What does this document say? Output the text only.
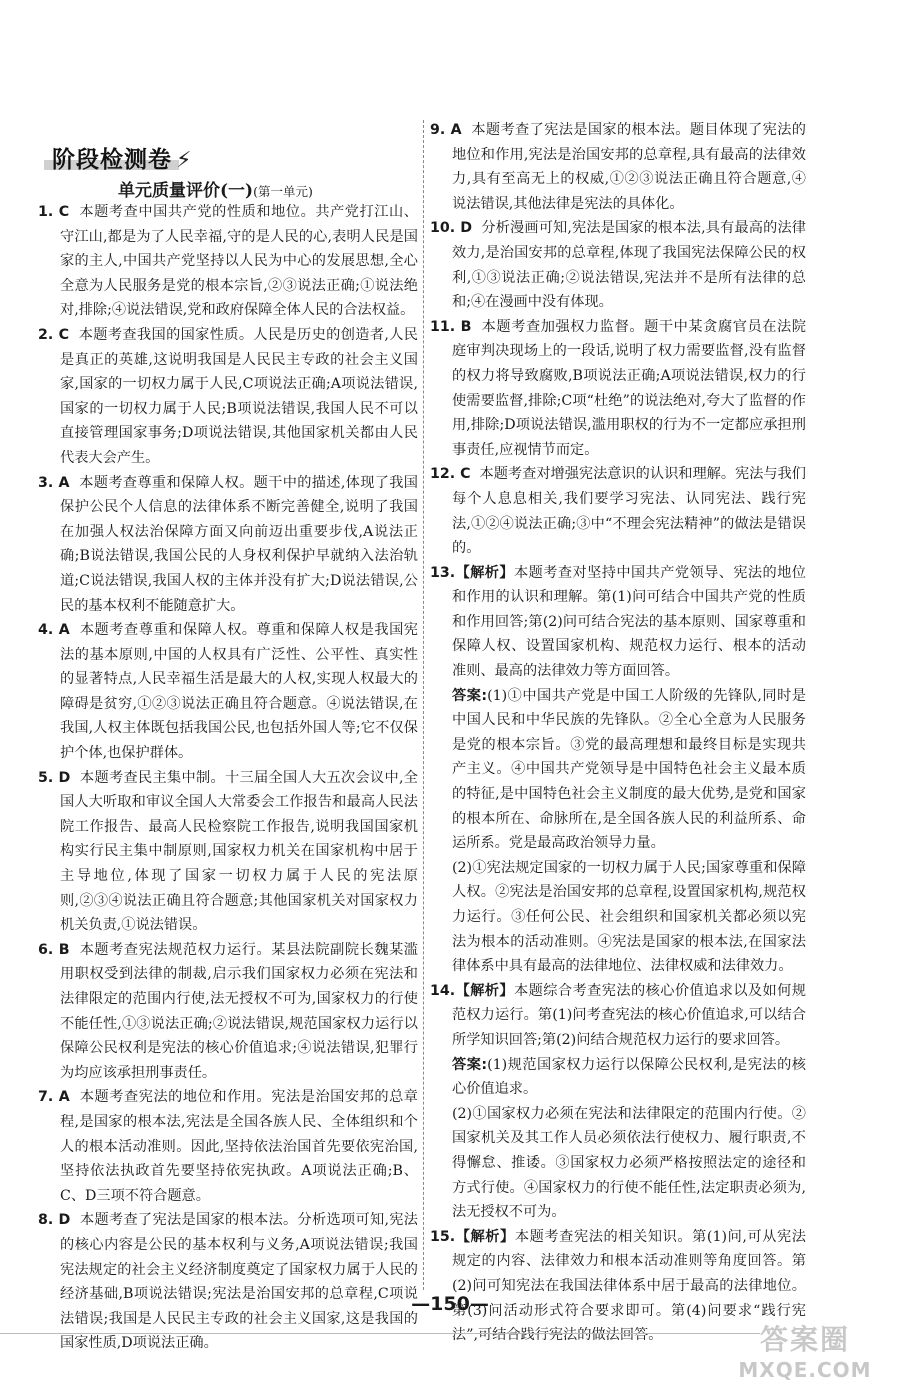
阶段检测卷 ⚡
单元质量评价(一)(第一单元)
1. C 本题考查中国共产党的性质和地位。共产党打江山、守江山,都是为了人民幸福,守的是人民的心,表明人民是国家的主人,中国共产党坚持以人民为中心的发展思想,全心全意为人民服务是党的根本宗旨,②③说法正确;①说法绝对,排除;④说法错误,党和政府保障全体人民的合法权益。
2. C 本题考查我国的国家性质。人民是历史的创造者,人民是真正的英雄,这说明我国是人民民主专政的社会主义国家,国家的一切权力属于人民,C项说法正确;A项说法错误,国家的一切权力属于人民;B项说法错误,我国人民不可以直接管理国家事务;D项说法错误,其他国家机关都由人民代表大会产生。
3. A 本题考查尊重和保障人权。题干中的描述,体现了我国保护公民个人信息的法律体系不断完善健全,说明了我国在加强人权法治保障方面又向前迈出重要步伐,A说法正确;B说法错误,我国公民的人身权利保护早就纳入法治轨道;C说法错误,我国人权的主体并没有扩大;D说法错误,公民的基本权利不能随意扩大。
4. A 本题考查尊重和保障人权。尊重和保障人权是我国宪法的基本原则,中国的人权具有广泛性、公平性、真实性的显著特点,人民幸福生活是最大的人权,实现人权最大的障碍是贫穷,①②③说法正确且符合题意。④说法错误,在我国,人权主体既包括我国公民,也包括外国人等;它不仅保护个体,也保护群体。
5. D 本题考查民主集中制。十三届全国人大五次会议中,全国人大听取和审议全国人大常委会工作报告和最高人民法院工作报告、最高人民检察院工作报告,说明我国国家机构实行民主集中制原则,国家权力机关在国家机构中居于主导地位,体现了国家一切权力属于人民的宪法原则,②③④说法正确且符合题意;其他国家机关对国家权力机关负责,①说法错误。
6. B 本题考查宪法规范权力运行。某县法院副院长魏某滥用职权受到法律的制裁,启示我们国家权力必须在宪法和法律限定的范围内行使,法无授权不可为,国家权力的行使不能任性,①③说法正确;②说法错误,规范国家权力运行以保障公民权利是宪法的核心价值追求;④说法错误,犯罪行为均应该承担刑事责任。
7. A 本题考查宪法的地位和作用。宪法是治国安邦的总章程,是国家的根本法,宪法是全国各族人民、全体组织和个人的根本活动准则。因此,坚持依法治国首先要依宪治国,坚持依法执政首先要坚持依宪执政。A项说法正确;B、C、D三项不符合题意。
8. D 本题考查了宪法是国家的根本法。分析选项可知,宪法的核心内容是公民的基本权利与义务,A项说法错误;我国宪法规定的社会主义经济制度奠定了国家权力属于人民的经济基础,B项说法错误;宪法是治国安邦的总章程,C项说法错误;我国是人民民主专政的社会主义国家,这是我国的国家性质,D项说法正确。
9. A 本题考查了宪法是国家的根本法。题目体现了宪法的地位和作用,宪法是治国安邦的总章程,具有最高的法律效力,具有至高无上的权威,①②③说法正确且符合题意,④说法错误,其他法律是宪法的具体化。
10. D 分析漫画可知,宪法是国家的根本法,具有最高的法律效力,是治国安邦的总章程,体现了我国宪法保障公民的权利,①③说法正确;②说法错误,宪法并不是所有法律的总和;④在漫画中没有体现。
11. B 本题考查加强权力监督。题干中某贪腐官员在法院庭审判决现场上的一段话,说明了权力需要监督,没有监督的权力将导致腐败,B项说法正确;A项说法错误,权力的行使需要监督,排除;C项“杜绝”的说法绝对,夸大了监督的作用,排除;D项说法错误,滥用职权的行为不一定都应承担刑事责任,应视情节而定。
12. C 本题考查对增强宪法意识的认识和理解。宪法与我们每个人息息相关,我们要学习宪法、认同宪法、践行宪法,①②④说法正确;③中“不理会宪法精神”的做法是错误的。
13.【解析】本题考查对坚持中国共产党领导、宪法的地位和作用的认识和理解。第(1)问可结合中国共产党的性质和作用回答;第(2)问可结合宪法的基本原则、国家尊重和保障人权、设置国家机构、规范权力运行、根本的活动准则、最高的法律效力等方面回答。
答案:(1)①中国共产党是中国工人阶级的先锋队,同时是中国人民和中华民族的先锋队。②全心全意为人民服务是党的根本宗旨。③党的最高理想和最终目标是实现共产主义。④中国共产党领导是中国特色社会主义最本质的特征,是中国特色社会主义制度的最大优势,是党和国家的根本所在、命脉所在,是全国各族人民的利益所系、命运所系。党是最高政治领导力量。
(2)①宪法规定国家的一切权力属于人民;国家尊重和保障人权。②宪法是治国安邦的总章程,设置国家机构,规范权力运行。③任何公民、社会组织和国家机关都必须以宪法为根本的活动准则。④宪法是国家的根本法,在国家法律体系中具有最高的法律地位、法律权威和法律效力。
14.【解析】本题综合考查宪法的核心价值追求以及如何规范权力运行。第(1)问考查宪法的核心价值追求,可以结合所学知识回答;第(2)问结合规范权力运行的要求回答。
答案:(1)规范国家权力运行以保障公民权利,是宪法的核心价值追求。
(2)①国家权力必须在宪法和法律限定的范围内行使。②国家机关及其工作人员必须依法行使权力、履行职责,不得懈怠、推诿。③国家权力必须严格按照法定的途径和方式行使。④国家权力的行使不能任性,法定职责必须为,法无授权不可为。
15.【解析】本题考查宪法的相关知识。第(1)问,可从宪法规定的内容、法律效力和根本活动准则等角度回答。第(2)问可知宪法在我国法律体系中居于最高的法律地位。第(3)问活动形式符合要求即可。第(4)问要求“践行宪法”,可结合践行宪法的做法回答。
—150—
答案圈
MXQE.COM
